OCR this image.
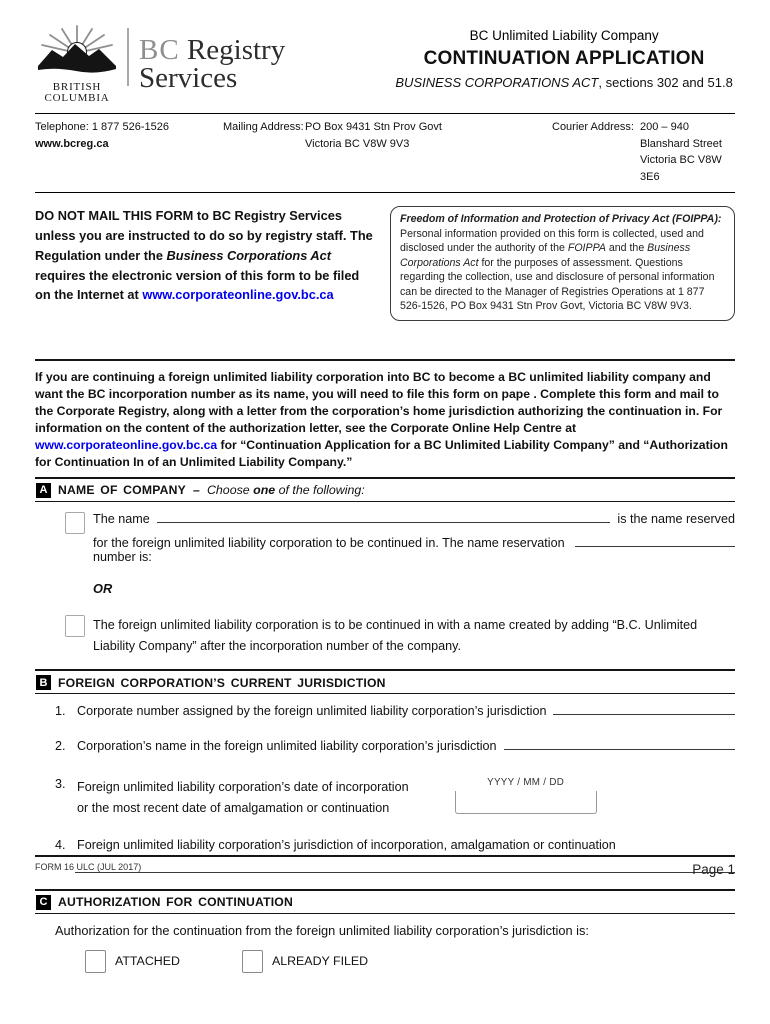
BRITISH
COLUMBIA
BC Registry
Services
BC Unlimited Liability Company
CONTINUATION APPLICATION
BUSINESS CORPORATIONS ACT, sections 302 and 51.8
Telephone: 1 877 526-1526
www.bcreg.ca
Mailing Address: PO Box 9431 Stn Prov Govt
Victoria BC V8W 9V3
Courier Address: 200 – 940 Blanshard Street
Victoria BC V8W 3E6
DO NOT MAIL THIS FORM to BC Registry Services unless you are instructed to do so by registry staff. The Regulation under the Business Corporations Act requires the electronic version of this form to be filed on the Internet at www.corporateonline.gov.bc.ca
Freedom of Information and Protection of Privacy Act (FOIPPA): Personal information provided on this form is collected, used and disclosed under the authority of the FOIPPA and the Business Corporations Act for the purposes of assessment. Questions regarding the collection, use and disclosure of personal information can be directed to the Manager of Registries Operations at 1 877 526-1526, PO Box 9431 Stn Prov Govt, Victoria BC V8W 9V3.
If you are continuing a foreign unlimited liability corporation into BC to become a BC unlimited liability company and want the BC incorporation number as its name, you will need to file this form on pape . Complete this form and mail to the Corporate Registry, along with a letter from the corporation’s home jurisdiction authorizing the continuation in. For information on the content of the authorization letter, see the Corporate Online Help Centre at www.corporateonline.gov.bc.ca for “Continuation Application for a BC Unlimited Liability Company” and “Authorization for Continuation In of an Unlimited Liability Company.”
A NAME OF COMPANY – Choose one of the following:
The name	is the name reserved
for the foreign unlimited liability corporation to be continued in. The name reservation number is:
OR
The foreign unlimited liability corporation is to be continued in with a name created by adding “B.C. Unlimited Liability Company” after the incorporation number of the company.
B FOREIGN CORPORATION’S CURRENT JURISDICTION
1. Corporate number assigned by the foreign unlimited liability corporation’s jurisdiction
2. Corporation’s name in the foreign unlimited liability corporation’s jurisdiction
3. Foreign unlimited liability corporation’s date of incorporation
or the most recent date of amalgamation or continuation
YYYY / MM / DD
4. Foreign unlimited liability corporation’s jurisdiction of incorporation, amalgamation or continuation
C AUTHORIZATION FOR CONTINUATION
Authorization for the continuation from the foreign unlimited liability corporation’s jurisdiction is:
ATTACHED	ALREADY FILED
FORM 16 ULC (JUL 2017)	Page 1
